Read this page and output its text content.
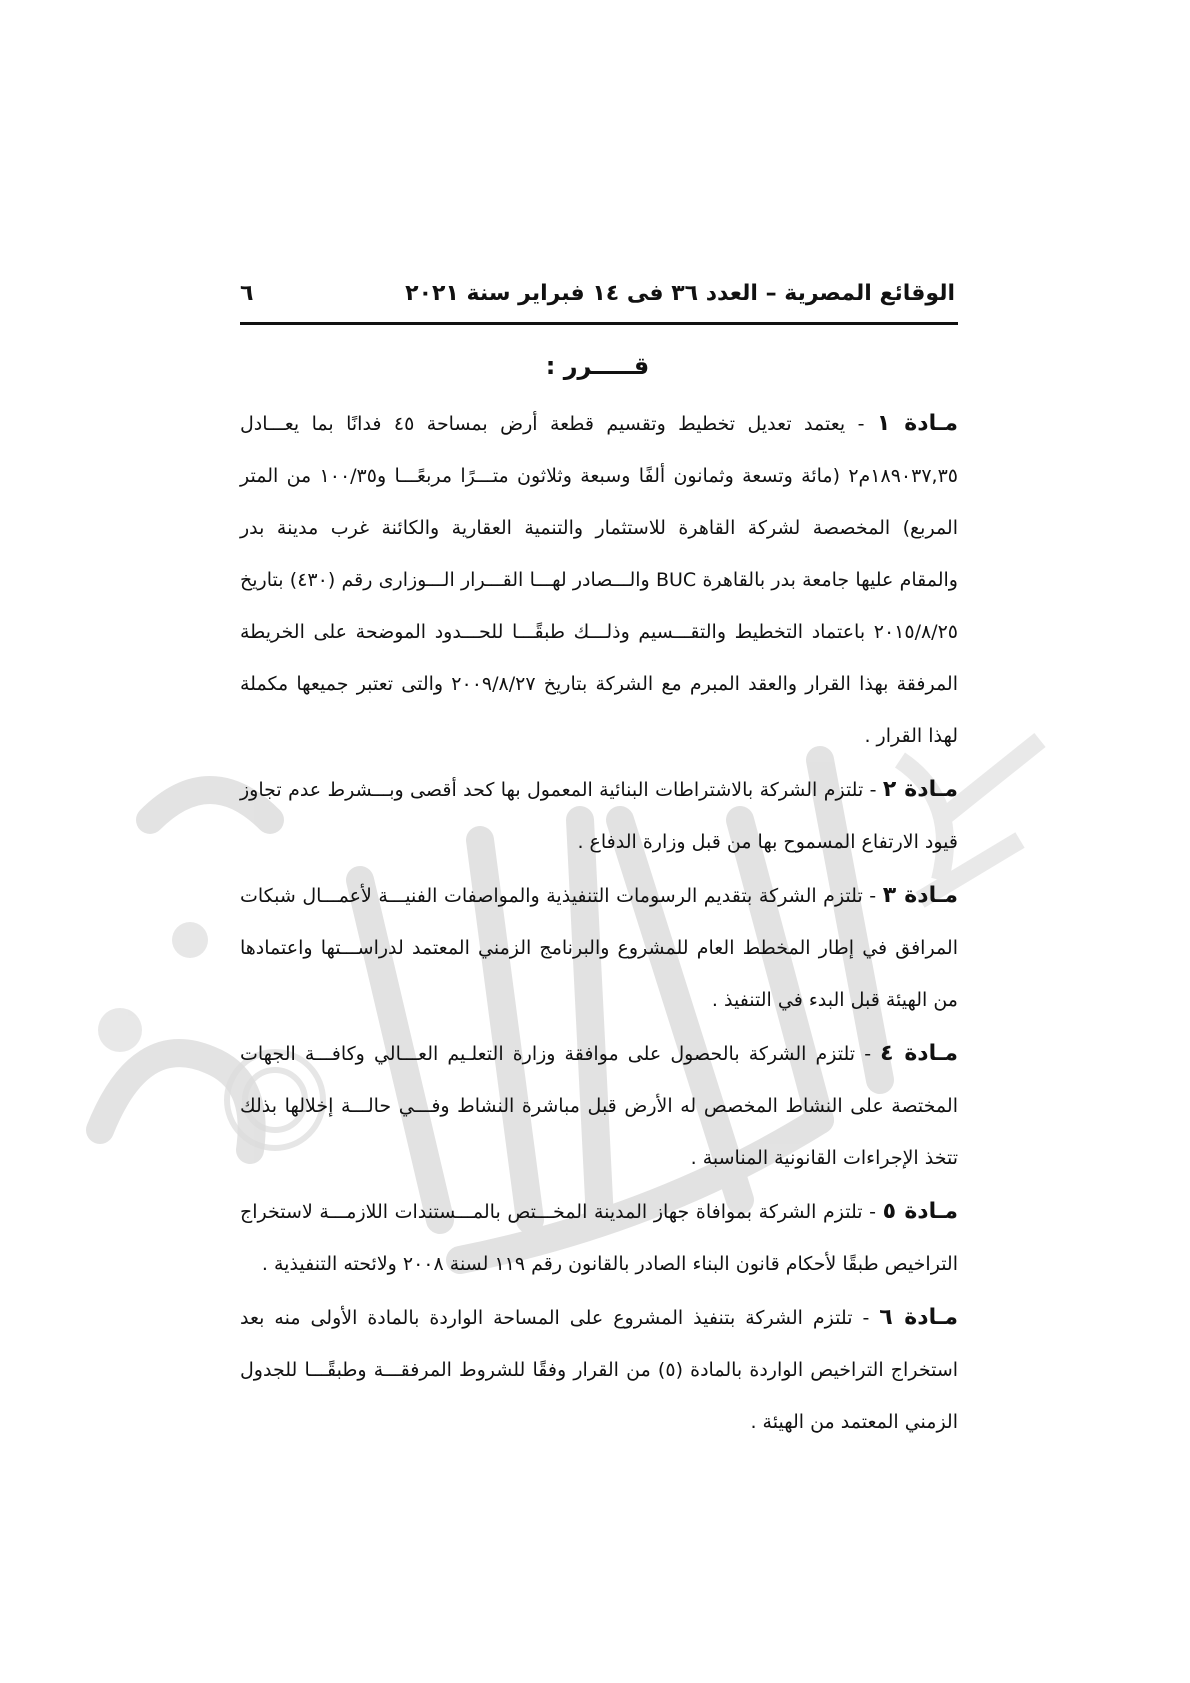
الوقائع المصرية – العدد ٣٦ فى ١٤ فبراير سنة ٢٠٢١
٦
قـــــرر :

مـادة ١ - يعتمد تعديل تخطيط وتقسيم قطعة أرض بمساحة ٤٥ فدانًا بما يعـــادل ١٨٩٠٣٧,٣٥م٢ (مائة وتسعة وثمانون ألفًا وسبعة وثلاثون متـــرًا مربعًـــا و١٠٠/٣٥ من المتر المربع) المخصصة لشركة القاهرة للاستثمار والتنمية العقارية والكائنة غرب مدينة بدر والمقام عليها جامعة بدر بالقاهرة BUC والـــصادر لهـــا القـــرار الـــوزارى رقم (٤٣٠) بتاريخ ٢٠١٥/٨/٢٥ باعتماد التخطيط والتقـــسيم وذلـــك طبقًـــا للحـــدود الموضحة على الخريطة المرفقة بهذا القرار والعقد المبرم مع الشركة بتاريخ ٢٠٠٩/٨/٢٧ والتى تعتبر جميعها مكملة لهذا القرار .

مـادة ٢ - تلتزم الشركة بالاشتراطات البنائية المعمول بها كحد أقصى وبـــشرط عدم تجاوز قيود الارتفاع المسموح بها من قبل وزارة الدفاع .

مـادة ٣ - تلتزم الشركة بتقديم الرسومات التنفيذية والمواصفات الفنيـــة لأعمـــال شبكات المرافق في إطار المخطط العام للمشروع والبرنامج الزمني المعتمد لدراســـتها واعتمادها من الهيئة قبل البدء في التنفيذ .

مـادة ٤ - تلتزم الشركة بالحصول على موافقة وزارة التعلـيم العـــالي وكافـــة الجهات المختصة على النشاط المخصص له الأرض قبل مباشرة النشاط وفـــي حالـــة إخلالها بذلك تتخذ الإجراءات القانونية المناسبة .

مـادة ٥ - تلتزم الشركة بموافاة جهاز المدينة المخـــتص بالمـــستندات اللازمـــة لاستخراج التراخيص طبقًا لأحكام قانون البناء الصادر بالقانون رقم ١١٩ لسنة ٢٠٠٨ ولائحته التنفيذية .

مـادة ٦ - تلتزم الشركة بتنفيذ المشروع على المساحة الواردة بالمادة الأولى منه بعد استخراج التراخيص الواردة بالمادة (٥) من القرار وفقًا للشروط المرفقـــة وطبقًـــا للجدول الزمني المعتمد من الهيئة .
